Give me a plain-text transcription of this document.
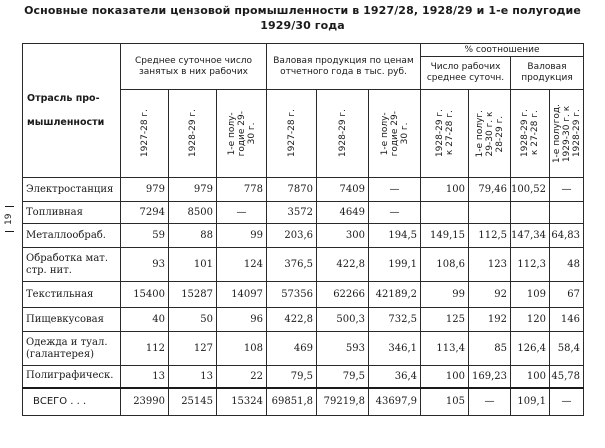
Основные показатели цензовой промышленности в 1927/28, 1928/29 и 1-е полугодие
1929/30 года
19
Отрасль про-
мышленности	Среднее суточное число занятых в них рабочих			Валовая продукция по ценам отчетного года в тыс. руб.			% соотношение			
							Число рабочих среднее суточн.		Валовая продукция	

	1927-28 г.	1928-29 г.	1-е полу-
годие 29-
30 г.	1927-28 г.	1928-29 г.	1-е полу-
годие 29-
30 г.	1928-29 г.
к 27-28 г.	1-е полуг.
29-30 г. к
28-29 г.	1928-29 г.
к 27-28 г.	1-е полугод.
1929-30 г. к
1928-29 г.

Электростанция	979	979	778	7870	7409	—	100	79,46	100,52	—
Топливная	7294	8500	—	3572	4649	—				
Металлообраб.	59	88	99	203,6	300	194,5	149,15	112,5	147,34	64,83
Обработка мат. стр. нит.	93	101	124	376,5	422,8	199,1	108,6	123	112,3	48
Текстильная	15400	15287	14097	57356	62266	42189,2	99	92	109	67
Пищевкусовая	40	50	96	422,8	500,3	732,5	125	192	120	146
Одежда и туал. (галантерея)	112	127	108	469	593	346,1	113,4	85	126,4	58,4
Полиграфическ.	13	13	22	79,5	79,5	36,4	100	169,23	100	45,78
ВСЕГО . . .	23990	25145	15324	69851,8	79219,8	43697,9	105	—	109,1	—
